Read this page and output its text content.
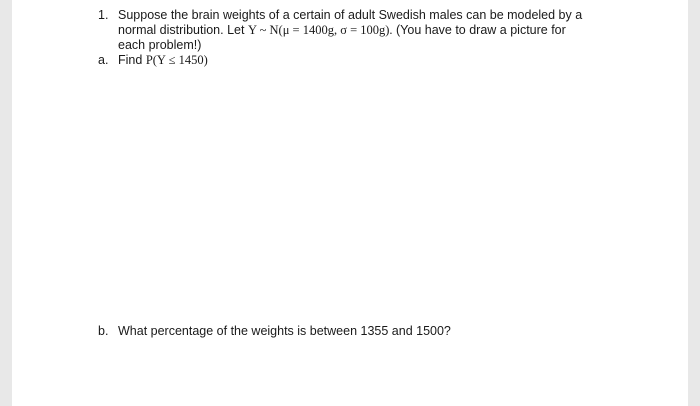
1. Suppose the brain weights of a certain of adult Swedish males can be modeled by a
normal distribution. Let Y ~ N(μ = 1400g, σ = 100g). (You have to draw a picture for
each problem!)
a. Find P(Y ≤ 1450)
b. What percentage of the weights is between 1355 and 1500?
